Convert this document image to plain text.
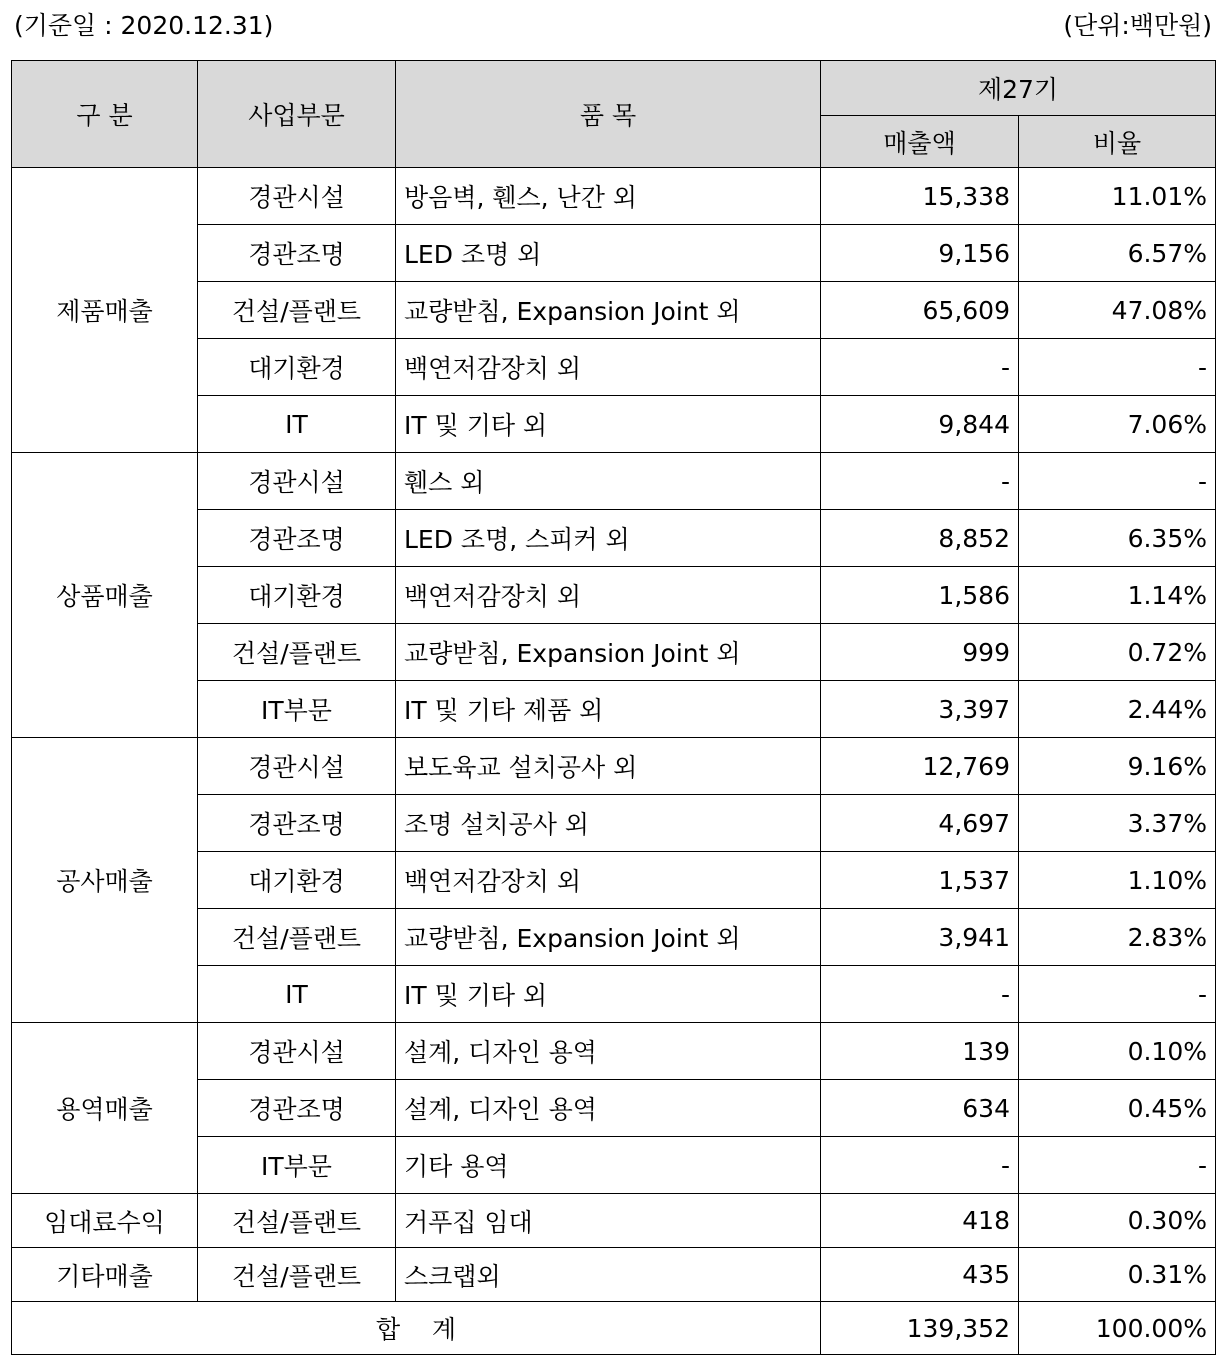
(기준일 : 2020.12.31)	(단위:백만원)
구 분	사업부문	품 목	제27기	
			매출액	비율
제품매출	경관시설	방음벽, 휀스, 난간 외	15,338	11.01%
	경관조명	LED 조명 외	9,156	6.57%
	건설/플랜트	교량받침, Expansion Joint 외	65,609	47.08%
	대기환경	백연저감장치 외	-	-
	IT	IT 및 기타 외	9,844	7.06%
상품매출	경관시설	휀스 외	-	-
	경관조명	LED 조명, 스피커 외	8,852	6.35%
	대기환경	백연저감장치 외	1,586	1.14%
	건설/플랜트	교량받침, Expansion Joint 외	999	0.72%
	IT부문	IT 및 기타 제품 외	3,397	2.44%
공사매출	경관시설	보도육교 설치공사 외	12,769	9.16%
	경관조명	조명 설치공사 외	4,697	3.37%
	대기환경	백연저감장치 외	1,537	1.10%
	건설/플랜트	교량받침, Expansion Joint 외	3,941	2.83%
	IT	IT 및 기타 외	-	-
용역매출	경관시설	설계, 디자인 용역	139	0.10%
	경관조명	설계, 디자인 용역	634	0.45%
	IT부문	기타 용역	-	-
임대료수익	건설/플랜트	거푸집 임대	418	0.30%
기타매출	건설/플랜트	스크랩외	435	0.31%
합    계			139,352	100.00%
